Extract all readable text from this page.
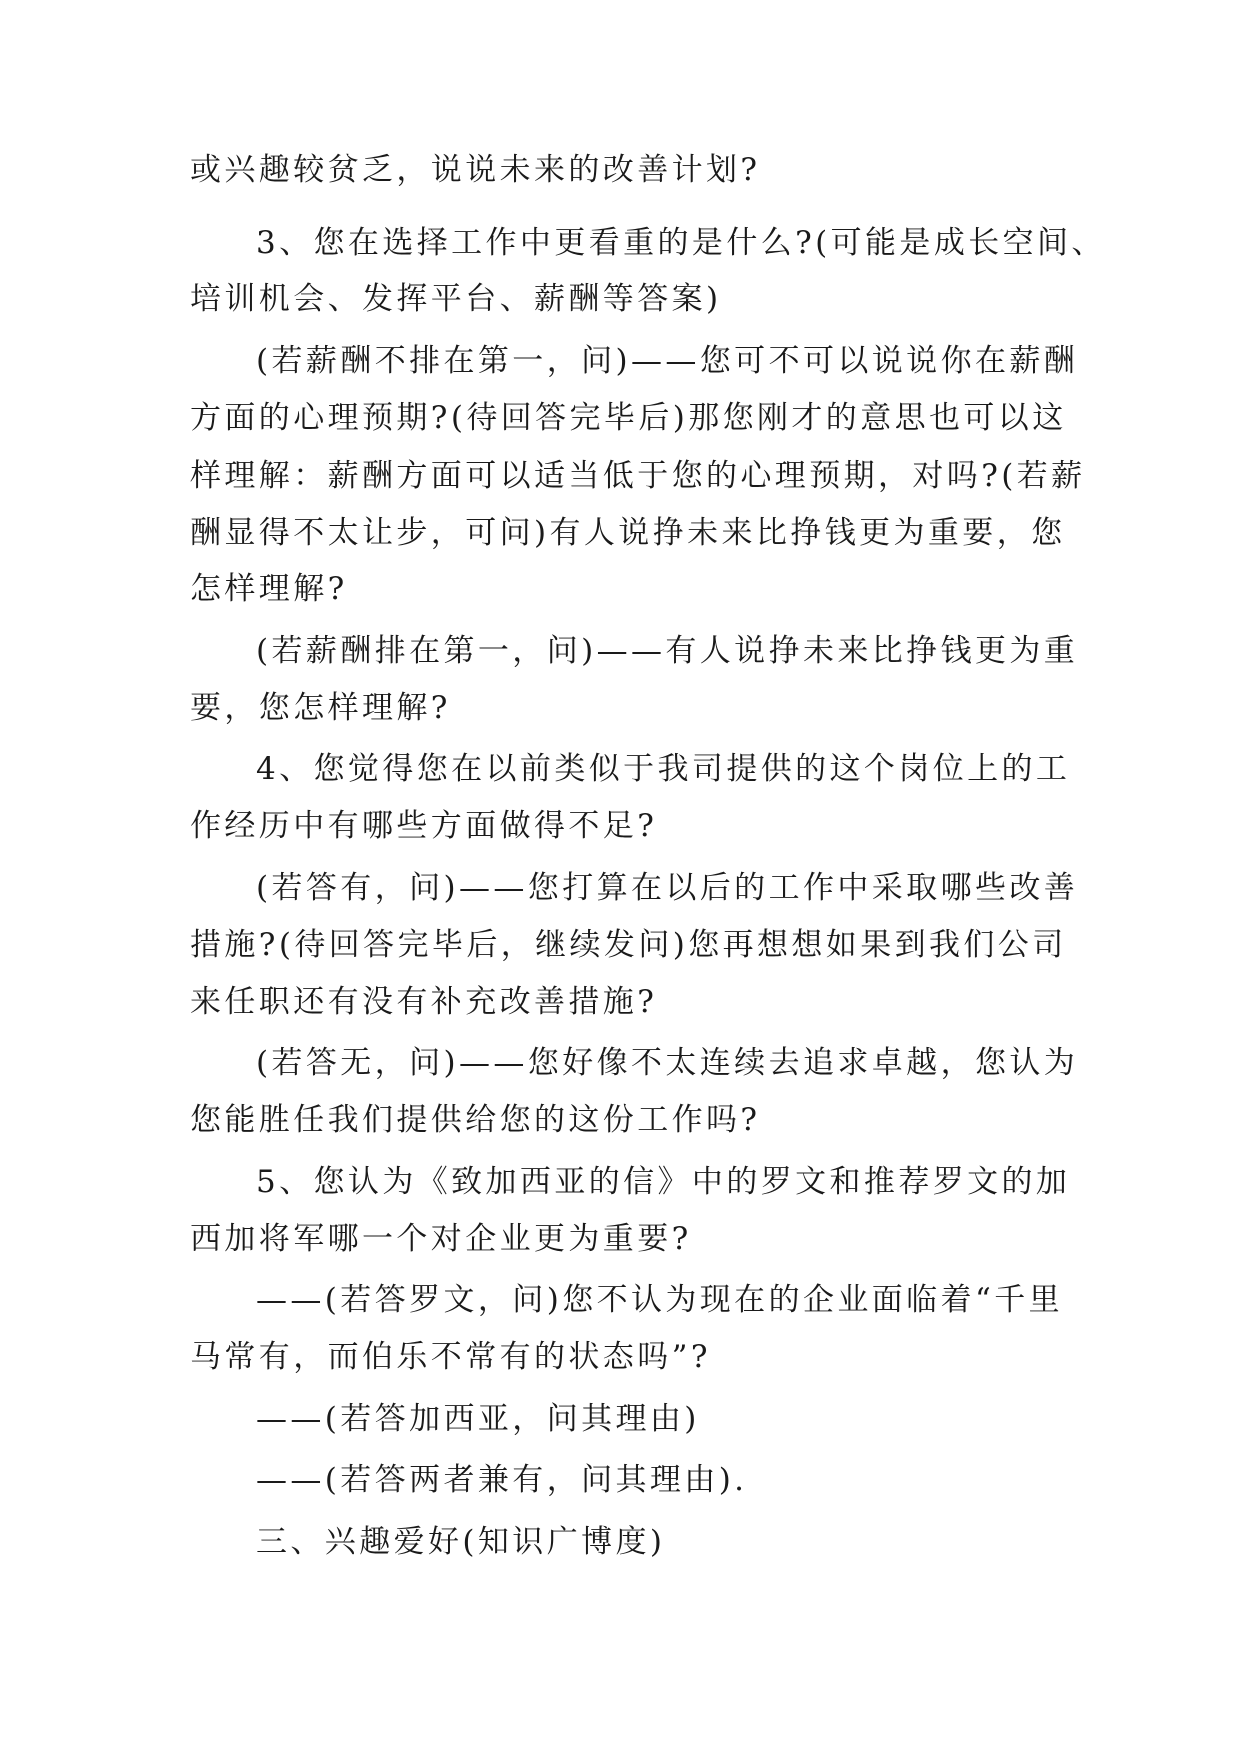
或兴趣较贫乏，说说未来的改善计划?
3、您在选择工作中更看重的是什么?(可能是成长空间、
培训机会、发挥平台、薪酬等答案)
(若薪酬不排在第一，问)——您可不可以说说你在薪酬
方面的心理预期?(待回答完毕后)那您刚才的意思也可以这
样理解：薪酬方面可以适当低于您的心理预期，对吗?(若薪
酬显得不太让步，可问)有人说挣未来比挣钱更为重要，您
怎样理解?
(若薪酬排在第一，问)——有人说挣未来比挣钱更为重
要，您怎样理解?
4、您觉得您在以前类似于我司提供的这个岗位上的工
作经历中有哪些方面做得不足?
(若答有，问)——您打算在以后的工作中采取哪些改善
措施?(待回答完毕后，继续发问)您再想想如果到我们公司
来任职还有没有补充改善措施?
(若答无，问)——您好像不太连续去追求卓越，您认为
您能胜任我们提供给您的这份工作吗?
5、您认为《致加西亚的信》中的罗文和推荐罗文的加
西加将军哪一个对企业更为重要?
——(若答罗文，问)您不认为现在的企业面临着“千里
马常有，而伯乐不常有的状态吗”?
——(若答加西亚，问其理由)
——(若答两者兼有，问其理由).
三、兴趣爱好(知识广博度)
